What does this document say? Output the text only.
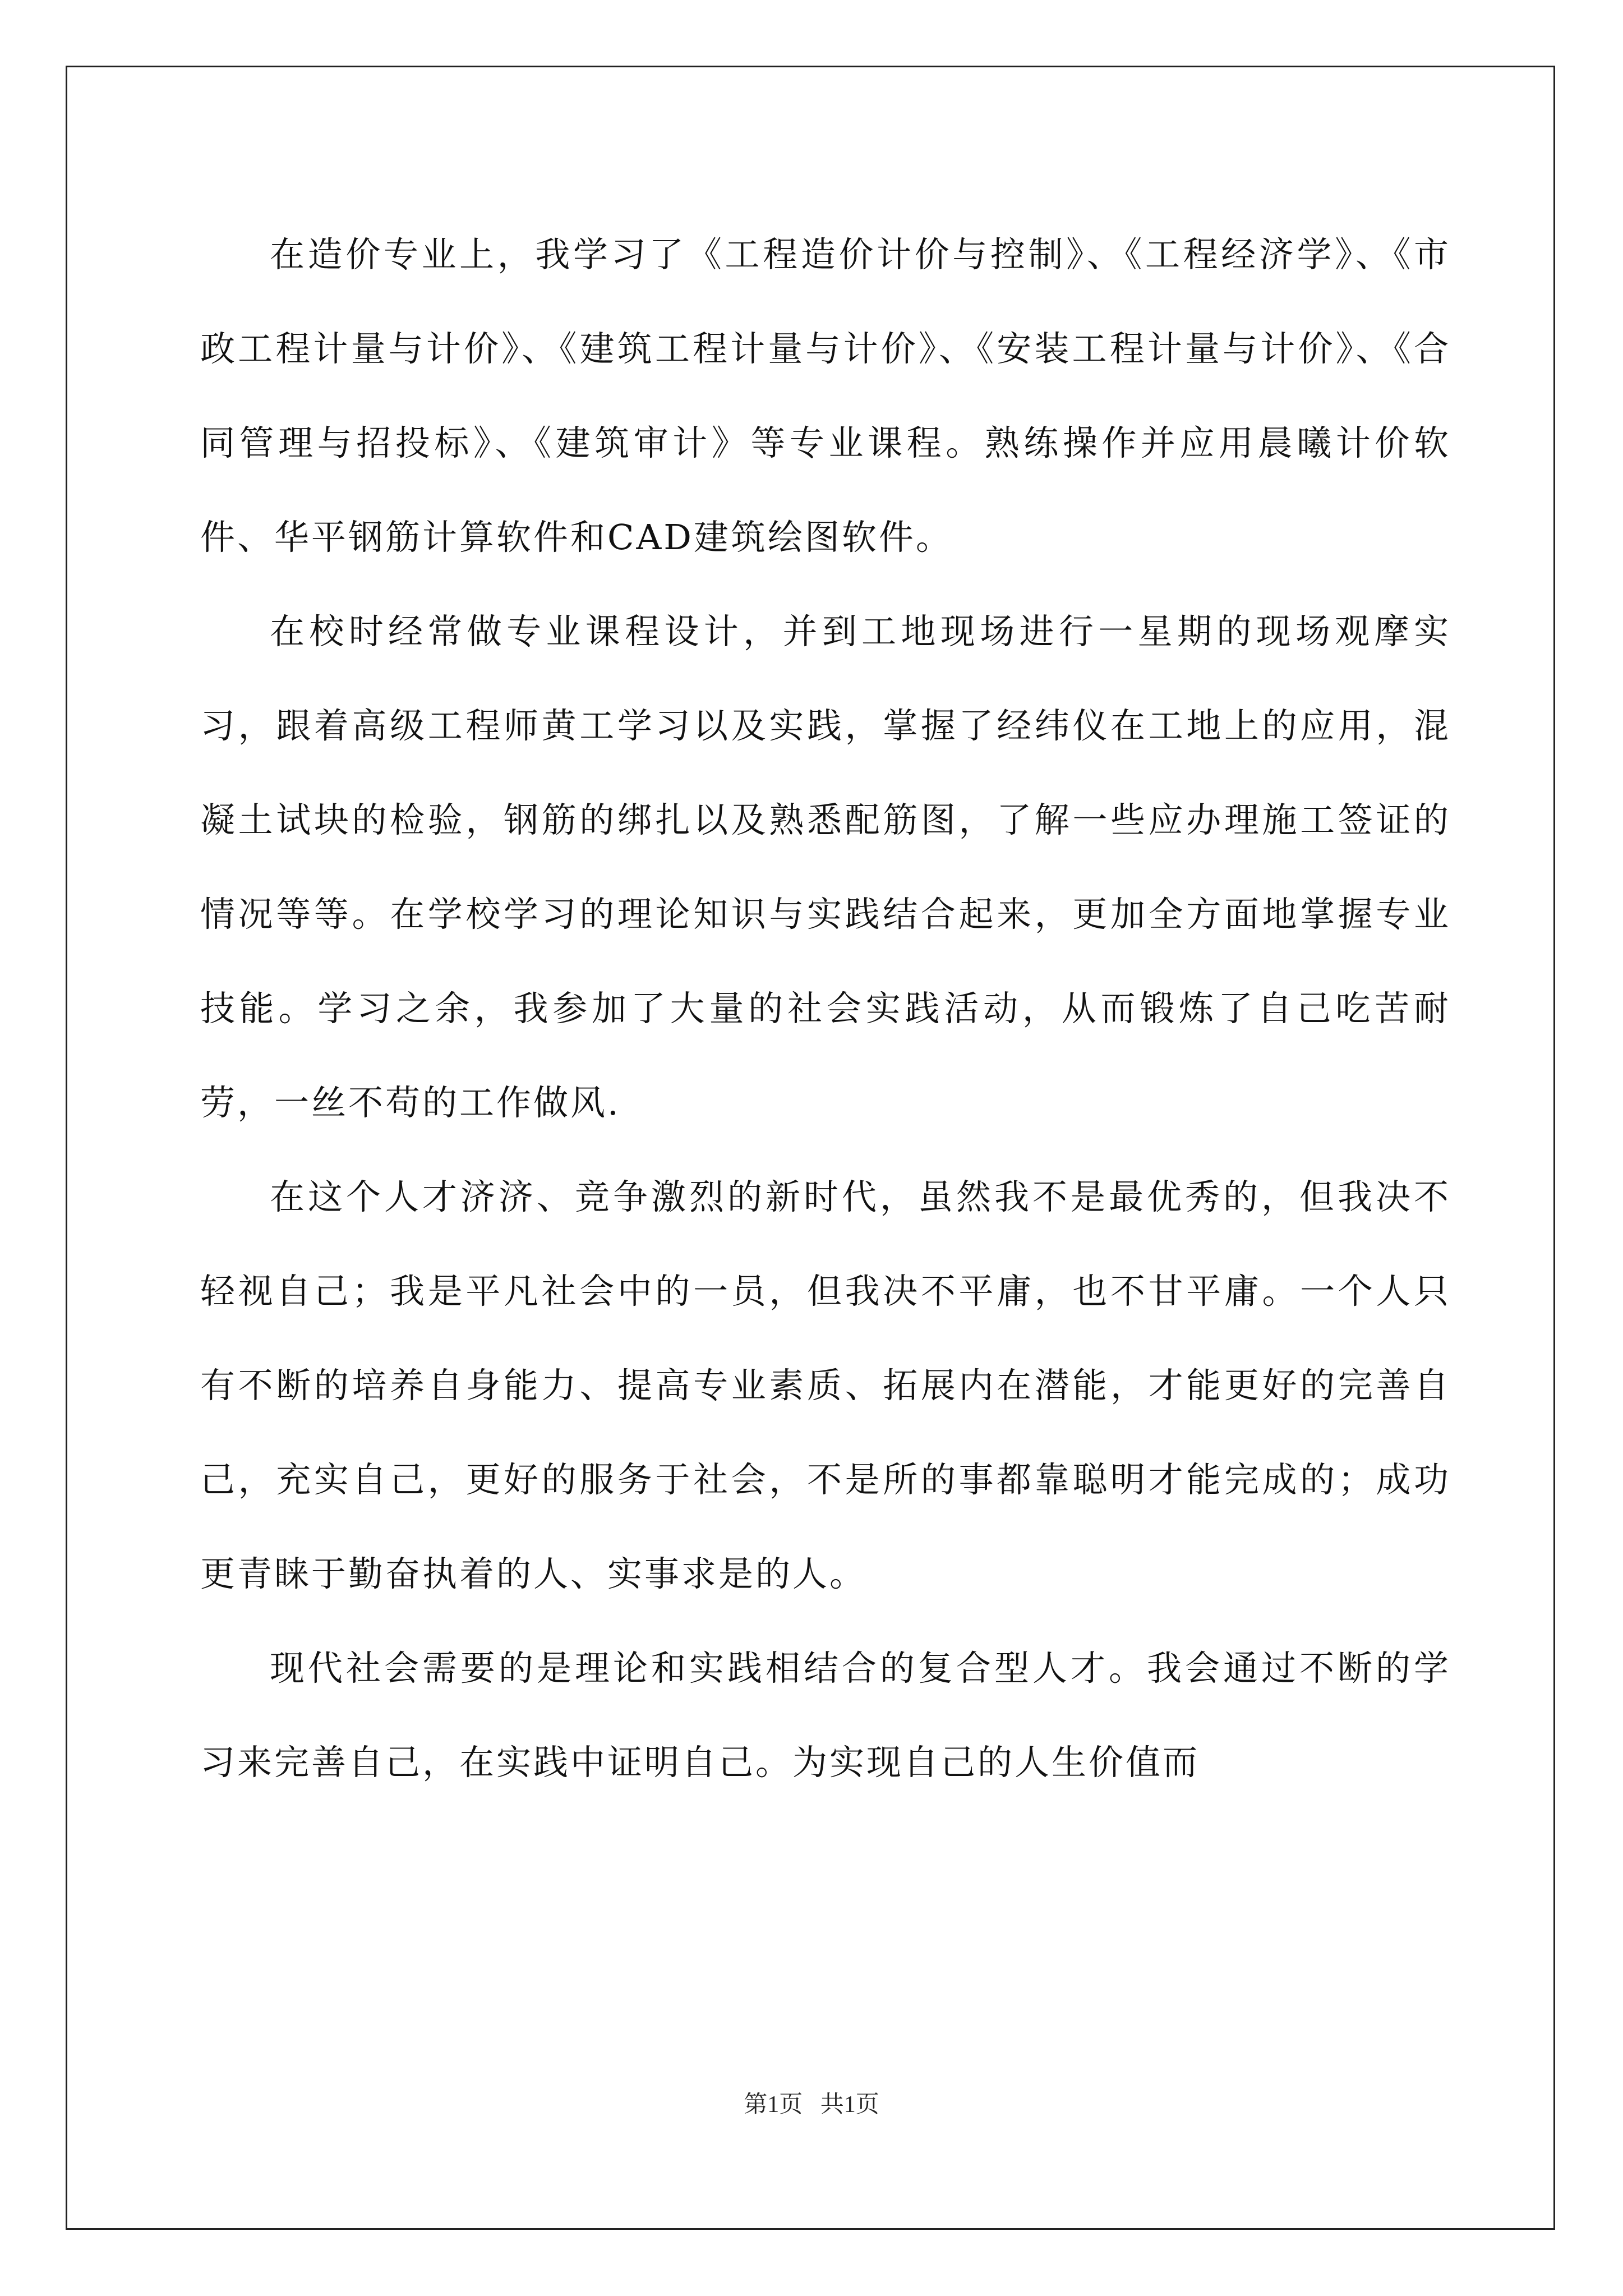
在造价专业上，我学习了《工程造价计价与控制》、《工程经济学》、《市政工程计量与计价》、《建筑工程计量与计价》、《安装工程计量与计价》、《合同管理与招投标》、《建筑审计》等专业课程。熟练操作并应用晨曦计价软件、华平钢筋计算软件和CAD建筑绘图软件。

在校时经常做专业课程设计，并到工地现场进行一星期的现场观摩实习，跟着高级工程师黄工学习以及实践，掌握了经纬仪在工地上的应用，混凝土试块的检验，钢筋的绑扎以及熟悉配筋图，了解一些应办理施工签证的情况等等。在学校学习的理论知识与实践结合起来，更加全方面地掌握专业技能。学习之余，我参加了大量的社会实践活动，从而锻炼了自己吃苦耐劳，一丝不苟的工作做风.

在这个人才济济、竞争激烈的新时代，虽然我不是最优秀的，但我决不轻视自己；我是平凡社会中的一员，但我决不平庸，也不甘平庸。一个人只有不断的培养自身能力、提高专业素质、拓展内在潜能，才能更好的完善自己，充实自己，更好的服务于社会，不是所的事都靠聪明才能完成的；成功更青睐于勤奋执着的人、实事求是的人。

现代社会需要的是理论和实践相结合的复合型人才。我会通过不断的学习来完善自己，在实践中证明自己。为实现自己的人生价值而

第1页   共1页
